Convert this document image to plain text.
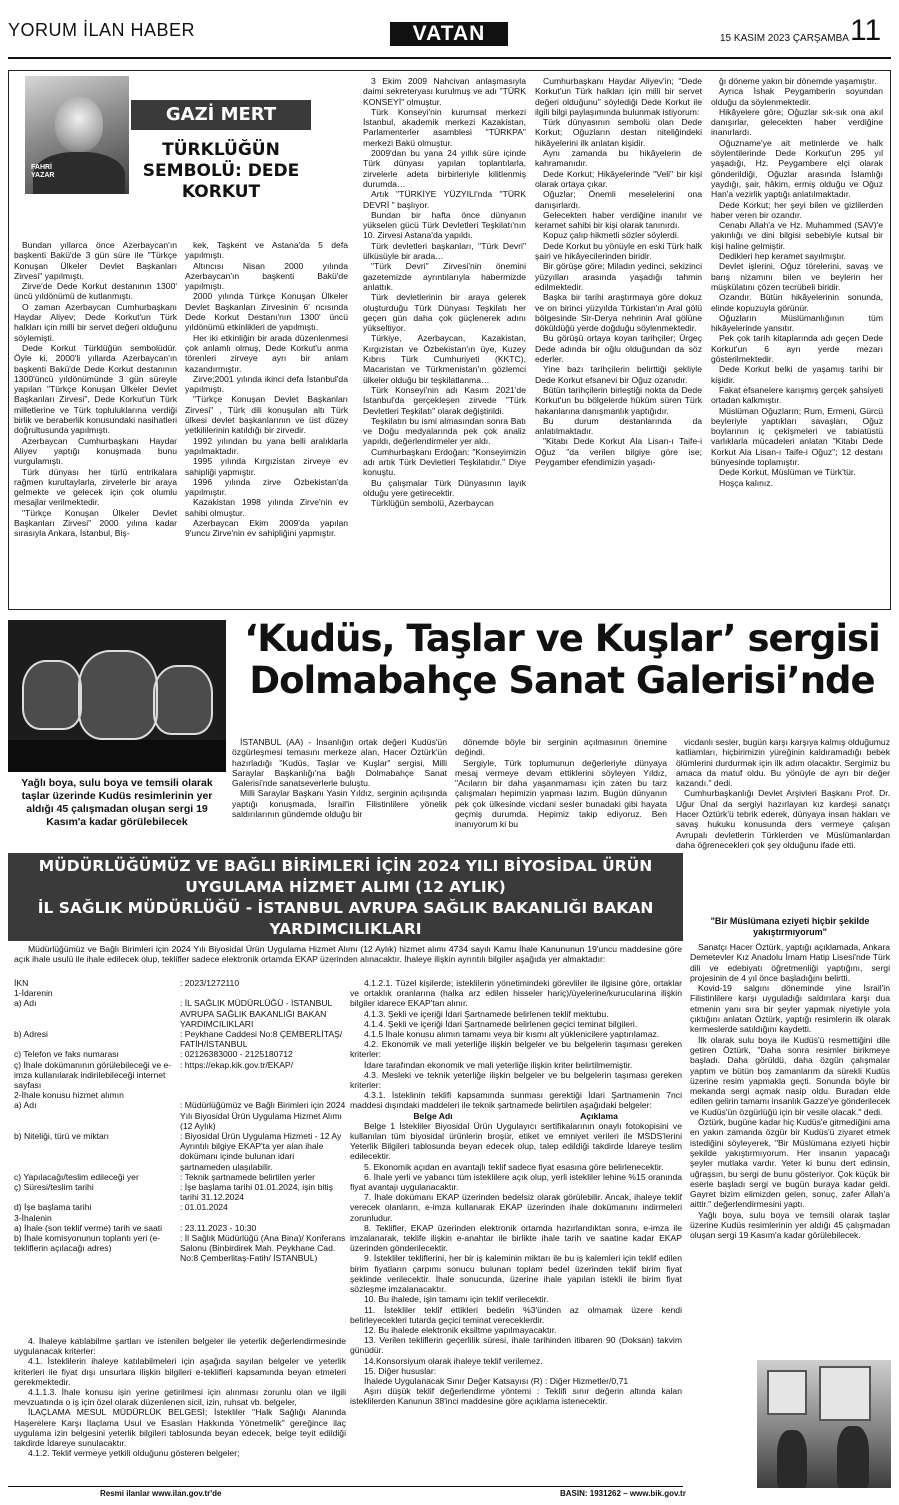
YORUM İLAN HABER	VATAN	15 KASIM 2023 ÇARŞAMBA 11
FAHRİ YAZAR
GAZİ MERT
TÜRKLÜĞÜN SEMBOLÜ: DEDE KORKUT

Bundan yıllarca önce Azerbaycan'ın başkenti Bakü'de 3 gün süre ile "Türkçe Konuşan Ülkeler Devlet Başkanları Zirvesi" yapılmıştı.

Zirve'de Dede Korkut destanının 1300' üncü yıldönümü de kutlanmıştı.

O zaman Azerbaycan Cumhurbaşkanı Haydar Aliyev; Dede Korkut'un Türk halkları için milli bir servet değeri olduğunu söylemişti.

Dede Korkut Türklüğün sembolüdür. Öyle ki, 2000'li yıllarda Azerbaycan'ın başkenti Bakü'de Dede Korkut destanının 1300'üncü yıldönümünde 3 gün süreyle yapılan "Türkçe Konuşan Ülkeler Devlet Başkanları Zirvesi", Dede Korkut'un Türk milletlerine ve Türk topluluklarına verdiği birlik ve beraberlik konusundaki nasihatleri doğrultusunda yapılmıştı.

Azerbaycan Cumhurbaşkanı Haydar Aliyev yaptığı konuşmada bunu vurgulamıştı.

Türk dünyası her türlü entrikalara rağmen kurultaylarla, zirvelerle bir araya gelmekte ve gelecek için çok olumlu mesajlar verilmektedir.

"Türkçe Konuşan Ülkeler Devlet Başkanları Zirvesi" 2000 yılına kadar sırasıyla Ankara, İstanbul, Biş-

kek, Taşkent ve Astana'da 5 defa yapılmıştı.

Altıncısı Nisan 2000 yılında Azerbaycan'ın başkenti Bakü'de yapılmıştı.

2000 yılında Türkçe Konuşan Ülkeler Devlet Başkanları Zirvesinin 6' ncısında Dede Korkut Destanı'nın 1300' üncü yıldönümü etkinlikleri de yapılmıştı.

Her iki etkinliğin bir arada düzenlenmesi çok anlamlı olmuş, Dede Korkut'u anma törenleri zirveye ayrı bir anlam kazandırmıştır.

Zirve;2001 yılında ikinci defa İstanbul'da yapılmıştı.

"Türkçe Konuşan Devlet Başkanları Zirvesi" , Türk dili konuşulan altı Türk ülkesi devlet başkanlarının ve üst düzey yetkililerinin katıldığı bir zirvedir.

1992 yılından bu yana belli aralıklarla yapılmaktadır.

1995 yılında Kırgızistan zirveye ev sahipliği yapmıştır.

1996 yılında zirve Özbekistan'da yapılmıştır.

Kazakistan 1998 yılında Zirve'nin ev sahibi olmuştur.

Azerbaycan Ekim 2009'da yapılan 9'uncu Zirve'nin ev sahipliğini yapmıştır.

3 Ekim 2009 Nahcivan anlaşmasıyla daimi sekreteryası kurulmuş ve adı "TÜRK KONSEYİ" olmuştur.

Türk Konseyi'nin kurumsal merkezi İstanbul, akademik merkezi Kazakistan, Parlamenterler asamblesi "TÜRKPA" merkezi Bakü olmuştur.

2009'dan bu yana 24 yıllık süre içinde Türk dünyası yapılan toplantılarla, zirvelerle adeta birbirleriyle kilitlenmiş durumda…

Artık "TÜRKİYE YÜZYILI'nda "TÜRK DEVRİ " başlıyor.

Bundan bir hafta önce dünyanın yükselen gücü Türk Devletleri Teşkilatı'nın 10. Zirvesi Astana'da yapıldı.

Türk devletleri başkanları, "Türk Devri" ülküsüyle bir arada…

"Türk Devri" Zirvesi'nin önemini gazetemizde ayrıntılarıyla habermizde anlattık.

Türk devletlerinin bir araya gelerek oluşturduğu Türk Dünyası Teşkilatı her geçen gün daha çok güçlenerek adını yükseltiyor.

Türkiye, Azerbaycan, Kazakistan, Kırgızistan ve Özbekistan'ın üye, Kuzey Kıbrıs Türk Cumhuriyeti (KKTC), Macaristan ve Türkmenistan'ın gözlemci ülkeler olduğu bir teşkilatlanma…

Türk Konseyi'nin adı Kasım 2021'de İstanbul'da gerçekleşen zirvede "Türk Devletleri Teşkilatı" olarak değiştirildi.

Teşkilatın bu ismi almasından sonra Batı ve Doğu medyalarında pek çok analiz yapıldı, değerlendirmeler yer aldı.

Cumhurbaşkanı Erdoğan: "Konseyimizin adı artık Türk Devletleri Teşkilatıdır." Diye konuştu.

Bu çalışmalar Türk Dünyasının layık olduğu yere getirecektir.

Türklüğün sembolü, Azerbaycan

Cumhurbaşkanı Haydar Aliyev'in; "Dede Korkut'un Türk halkları için milli bir servet değeri olduğunu" söylediği Dede Korkut ile ilgili bilgi paylaşımında bulunmak istiyorum:

Türk dünyasının sembolü olan Dede Korkut; Oğuzların destan niteliğindeki hikâyelerini ilk anlatan kişidir.

Aynı zamanda bu hikâyelerin de kahramanıdır.

Dede Korkut; Hikâyelerinde "Veli" bir kişi olarak ortaya çıkar.

Oğuzlar; Önemli meselelerini ona danışırlardı.

Gelecekten haber verdiğine inanılır ve keramet sahibi bir kişi olarak tanınırdı.

Kopuz çalıp hikmetli sözler söylerdi.

Dede Korkut bu yönüyle en eski Türk halk şairi ve hikâyecilerinden biridir.

Bir görüşe göre; Miladın yedinci, sekizinci yüzyılları arasında yaşadığı tahmin edilmektedir.

Başka bir tarihi araştırmaya göre dokuz ve on birinci yüzyılda Türkistan'ın Aral gölü bölgesinde Sir-Derya nehrinin Aral gölüne döküldüğü yerde doğduğu söylenmektedir.

Bu görüşü ortaya koyan tarihçiler; Ürgeç Dede adında bir oğlu olduğundan da söz ederler.

Yine bazı tarihçilerin belirttiği şekliyle Dede Korkut efsanevi bir Oğuz ozanıdır.

Bütün tarihçilerin birleştiği nokta da Dede Korkut'un bu bölgelerde hüküm süren Türk hakanlarına danışmanlık yaptığıdır.

Bu durum destanlarında da anlatılmaktadır.

"Kitabı Dede Korkut Ala Lisan-ı Taife-i Oğuz "da verilen bilgiye göre ise; Peygamber efendimizin yaşadı-

ğı döneme yakın bir dönemde yaşamıştır.

Ayrıca İshak Peygamberin soyundan olduğu da söylenmektedir.

Hikâyelere göre; Oğuzlar sık-sık ona akıl danışırlar, gelecekten haber verdiğine inanırlardı.

Oğuzname'ye ait metinlerde ve halk söylentilerinde Dede Korkut'un 295 yıl yaşadığı, Hz. Peygambere elçi olarak gönderildiği, Oğuzlar arasında İslamlığı yaydığı, şair, hâkim, ermiş olduğu ve Oğuz Han'a vezirlik yaptığı anlatılmaktadır.

Dede Korkut; her şeyi bilen ve gizlilerden haber veren bir ozandır.

Cenabı Allah'a ve Hz. Muhammed (SAV)'e yakınlığı ve dini bilgisi sebebiyle kutsal bir kişi haline gelmiştir.

Dedikleri hep keramet sayılmıştır.

Devlet işlerini, Oğuz törelerini, savaş ve barış nizamını bilen ve beylerin her müşkülatını çözen tecrübeli biridir.

Ozandır. Bütün hikâyelerinin sonunda, elinde kopuzuyla görünür.

Oğuzların Müslümanlığının tüm hikâyelerinde yansıtır.

Pek çok tarih kitaplarında adı geçen Dede Korkut'un 6 ayrı yerde mezarı gösterilmektedir.

Dede Korkut belki de yaşamış tarihi bir kişidir.

Fakat efsanelere karışmış gerçek şahsiyeti ortadan kalkmıştır.

Müslüman Oğuzların; Rum, Ermeni, Gürcü beyleriyle yaptıkları savaşları, Oğuz boylarının iç çekişmeleri ve tabiatüstü varlıklarla mücadeleri anlatan "Kitabı Dede Korkut Ala Lisan-ı Taife-i Oğuz"; 12 destanı bünyesinde toplamıştır.

Dede Korkut, Müslüman ve Türk'tür.

Hoşça kalınız.

Yağlı boya, sulu boya ve temsili olarak taşlar üzerinde Kudüs resimlerinin yer aldığı 45 çalışmadan oluşan sergi 19 Kasım'a kadar görülebilecek
‘Kudüs, Taşlar ve Kuşlar’ sergisi
Dolmabahçe Sanat Galerisi’nde

İSTANBUL (AA) - İnsanlığın ortak değeri Kudüs'ün özgürleşmesi temasını merkeze alan, Hacer Öztürk'ün hazırladığı "Kudüs, Taşlar ve Kuşlar" sergisi, Milli Saraylar Başkanlığı'na bağlı Dolmabahçe Sanat Galerisi'nde sanatseverlerle buluştu.

Milli Saraylar Başkanı Yasin Yıldız, serginin açılışında yaptığı konuşmada, İsrail'in Filistinlilere yönelik saldırılarının gündemde olduğu bir

dönemde böyle bir serginin açılmasının önemine değindi.

Sergiyle, Türk toplumunun değerleriyle dünyaya mesaj vermeye devam ettiklerini söyleyen Yıldız, "Acıların bir daha yaşanmaması için zaten bu tarz çalışmaları hepimizin yapması lazım. Bugün dünyanın pek çok ülkesinde vicdani sesler bunadaki gibi hayata geçmiş durumda. Hepimiz takip ediyoruz. Ben inanıyorum ki bu

vicdanlı sesler, bugün karşı karşıya kalmış olduğumuz katliamları, hiçbirimizin yüreğinin kaldıramadığı bebek ölümlerini durdurmak için ilk adım olacaktır. Sergimiz bu amaca da matuf oldu. Bu yönüyle de ayrı bir değer kazandı." dedi.

Cumhurbaşkanlığı Devlet Arşivleri Başkanı Prof. Dr. Uğur Ünal da sergiyi hazırlayan kız kardeşi sanatçı Hacer Öztürk'ü tebrik ederek, dünyaya insan hakları ve savaş hukuku konusunda ders vermeye çalışan Avrupalı devletlerin Türklerden ve Müslümanlardan daha öğrenecekleri çok şey olduğunu ifade etti.

"Bir Müslümana eziyeti hiçbir şekilde yakıştırmıyorum"

Sanatçı Hacer Öztürk, yaptığı açıklamada, Ankara Demetevler Kız Anadolu İmam Hatip Lisesi'nde Türk dili ve edebiyatı öğretmenliği yaptığını, sergi projesinin de 4 yıl önce başladığını belirtti.

Kovid-19 salgını döneminde yine İsrail'in Filistinlilere karşı uyguladığı saldırılara karşı dua etmenin yanı sıra bir şeyler yapmak niyetiyle yola çıktığını anlatan Öztürk, yaptığı resimlerin ilk olarak kermeslerde satıldığını kaydetti.

İlk olarak sulu boya ile Kudüs'ü resmettiğini dile getiren Öztürk, "Daha sonra resimler birikmeye başladı. Daha görüldü, daha özgün çalışmalar yaptım ve bütün boş zamanlarım da sürekli Kudüs üzerine resim yapmakla geçti. Sonunda böyle bir mekanda sergi açmak nasip oldu. Buradan elde edilen gelirin tamamı insanlık Gazze'ye gönderilecek ve Kudüs'ün özgürlüğü için bir vesile olacak." dedi.

Öztürk, bugüne kadar hiç Kudüs'e gitmediğini ama en yakın zamanda özgür bir Kudüs'ü ziyaret etmek istediğini söyleyerek, "Bir Müslümana eziyeti hiçbir şekilde yakıştırmıyorum. Her insanın yapacağı şeyler mutlaka vardır. Yeter ki bunu dert edinsin, uğraşsın, bu sergi de bunu gösteriyor. Çok küçük bir eserle başladı sergi ve bugün buraya kadar geldi. Gayret bizim elimizden gelen, sonuç, zafer Allah'a aittir." değerlendirmesini yaptı.

Yağlı boya, sulu boya ve temsili olarak taşlar üzerine Kudüs resimlerinin yer aldığı 45 çalışmadan oluşan sergi 19 Kasım'a kadar görülebilecek.

MÜDÜRLÜĞÜMÜZ VE BAĞLI BİRİMLERİ İÇİN 2024 YILI BİYOSİDAL ÜRÜN
UYGULAMA HİZMET ALIMI (12 AYLIK)
İL SAĞLIK MÜDÜRLÜĞÜ - İSTANBUL AVRUPA SAĞLIK BAKANLIĞI BAKAN
YARDIMCILIKLARI
Müdürlüğümüz ve Bağlı Birimleri için 2024 Yılı Biyosidal Ürün Uygulama Hizmet Alımı (12 Aylık) hizmet alımı 4734 sayılı Kamu İhale Kanununun 19'uncu maddesine göre açık ihale usulü ile ihale edilecek olup, teklifler sadece elektronik ortamda EKAP üzerinden alınacaktır. İhaleye ilişkin ayrıntılı bilgiler aşağıda yer almaktadır:
İKN	: 2023/1272110
1-İdarenin
a) Adı	: İL SAĞLIK MÜDÜRLÜĞÜ - İSTANBUL AVRUPA SAĞLIK BAKANLIĞI BAKAN YARDIMCILIKLARI
b) Adresi	: Peykhane Caddesi No:8 ÇEMBERLİTAŞ/ FATİH/İSTANBUL
c) Telefon ve faks numarası	: 02126383000 - 2125180712
ç) İhale dokümanının görülebileceği ve e-imza kullanılarak indirilebileceği internet sayfası
: https://ekap.kik.gov.tr/EKAP/
2-İhale konusu hizmet alımın
a) Adı	: Müdürlüğümüz ve Bağlı Birimleri için 2024 Yılı Biyosidal Ürün Uygulama Hizmet Alımı (12 Aylık)
b) Niteliği, türü ve miktarı	: Biyosidal Ürün Uygulama Hizmeti - 12 Ay Ayrıntılı bilgiye EKAP'ta yer alan ihale dokümanı içinde bulunan idari şartnameden ulaşılabilir.
c) Yapılacağı/teslim edileceği yer	: Teknik şartnamede belirtilen yerler
ç) Süresi/teslim tarihi	: İşe başlama tarihi 01.01.2024, işin bitiş tarihi 31.12.2024
d) İşe başlama tarihi	: 01.01.2024
3-İhalenin
a) İhale (son teklif verme) tarih ve saati	: 23.11.2023 - 10:30
b) İhale komisyonunun toplantı yeri (e-tekliflerin açılacağı adres)
: İl Sağlık Müdürlüğü (Ana Bina)/ Konferans Salonu (Binbirdirek Mah. Peykhane Cad. No:8 Çemberlitaş-Fatih/ İSTANBUL)

4. İhaleye katılabilme şartları ve istenilen belgeler ile yeterlik değerlendirmesinde uygulanacak kriterler:

4.1. İsteklilerin ihaleye katılabilmeleri için aşağıda sayılan belgeler ve yeterlik kriterleri ile fiyat dışı unsurlara ilişkin bilgileri e-teklifleri kapsamında beyan etmeleri gerekmektedir.

4.1.1.3. İhale konusu işin yerine getirilmesi için alınması zorunlu olan ve ilgili mevzuatında o iş için özel olarak düzenlenen sicil, izin, ruhsat vb. belgeler,

İLAÇLAMA MESUL MÜDÜRLÜK BELGESİ; İstekliler "Halk Sağlığı Alanında Haşerelere Karşı İlaçlama Usul ve Esasları Hakkında Yönetmelik" gereğince ilaç uygulama izin belgesini yeterlik bilgileri tablosunda beyan edecek, belge teyit edildiği takdirde İdareye sunulacaktır.

4.1.2. Teklif vermeye yetkili olduğunu gösteren belgeler;

4.1.2.1. Tüzel kişilerde; isteklilerin yönetimindeki görevliler ile ilgisine göre, ortaklar ve ortaklık oranlarına (halka arz edilen hisseler hariç)/üyelerine/kurucularına ilişkin bilgiler idarece EKAP'tan alınır.

4.1.3. Şekli ve içeriği İdari Şartnamede belirlenen teklif mektubu.

4.1.4. Şekli ve içeriği İdari Şartnamede belirlenen geçici teminat bilgileri.

4.1.5 İhale konusu alımın tamamı veya bir kısmı alt yüklenicilere yaptırılamaz.

4.2. Ekonomik ve mali yeterliğe ilişkin belgeler ve bu belgelerin taşıması gereken kriterler:

İdare tarafından ekonomik ve mali yeterliğe ilişkin kriter belirtilmemiştir.

4.3. Mesleki ve teknik yeterliğe ilişkin belgeler ve bu belgelerin taşıması gereken kriterler:

4.3.1. İsteklinin teklifi kapsamında sunması gerektiği İdari Şartnamenin 7nci maddesi dışındaki maddeleri ile teknik şartnamede belirtilen aşağıdaki belgeler:

Belge Adı	Açıklama

Belge 1 İstekliler Biyosidal Ürün Uygulayıcı sertifikalarının onaylı fotokopisini ve kullanılan tüm biyosidal ürünlerin broşür, etiket ve emniyet verileri ile MSDS'lerini Yeterlik Bilgileri tablosunda beyan edecek olup, talep edildiği takdirde İdareye teslim edilecektir.

5. Ekonomik açıdan en avantajlı teklif sadece fiyat esasına göre belirlenecektir.

6. İhale yerli ve yabancı tüm isteklilere açık olup, yerli istekliler lehine %15 oranında fiyat avantajı uygulanacaktır.

7. İhale dokümanı EKAP üzerinden bedelsiz olarak görülebilir. Ancak, ihaleye teklif verecek olanların, e-imza kullanarak EKAP üzerinden ihale dokümanını indirmeleri zorunludur.

8. Teklifler, EKAP üzerinden elektronik ortamda hazırlandıktan sonra, e-imza ile imzalanarak, teklife ilişkin e-anahtar ile birlikte ihale tarih ve saatine kadar EKAP üzerinden gönderilecektir.

9. İstekliler tekliflerini, her bir iş kaleminin miktarı ile bu iş kalemleri için teklif edilen birim fiyatların çarpımı sonucu bulunan toplam bedel üzerinden teklif birim fiyat şeklinde verilecektir. İhale sonucunda, üzerine ihale yapılan istekli ile birim fiyat sözleşme imzalanacaktır.

10. Bu ihalede, işin tamamı için teklif verilecektir.

11. İstekliler teklif ettikleri bedelin %3'ünden az olmamak üzere kendi belirleyecekleri tutarda geçici teminat vereceklerdir.

12. Bu ihalede elektronik eksiltme yapılmayacaktır.

13. Verilen tekliflerin geçerlilik süresi, ihale tarihinden itibaren 90 (Doksan) takvim günüdür.

14.Konsorsiyum olarak ihaleye teklif verilemez.

15. Diğer hususlar:

İhalede Uygulanacak Sınır Değer Katsayısı (R) : Diğer Hizmetler/0,71

Aşırı düşük teklif değerlendirme yöntemi : Teklifi sınır değerin altında kalan isteklilerden Kanunun 38'inci maddesine göre açıklama istenecektir.

Resmi ilanlar www.ilan.gov.tr'de	BASIN: 1931262 – www.bik.gov.tr
